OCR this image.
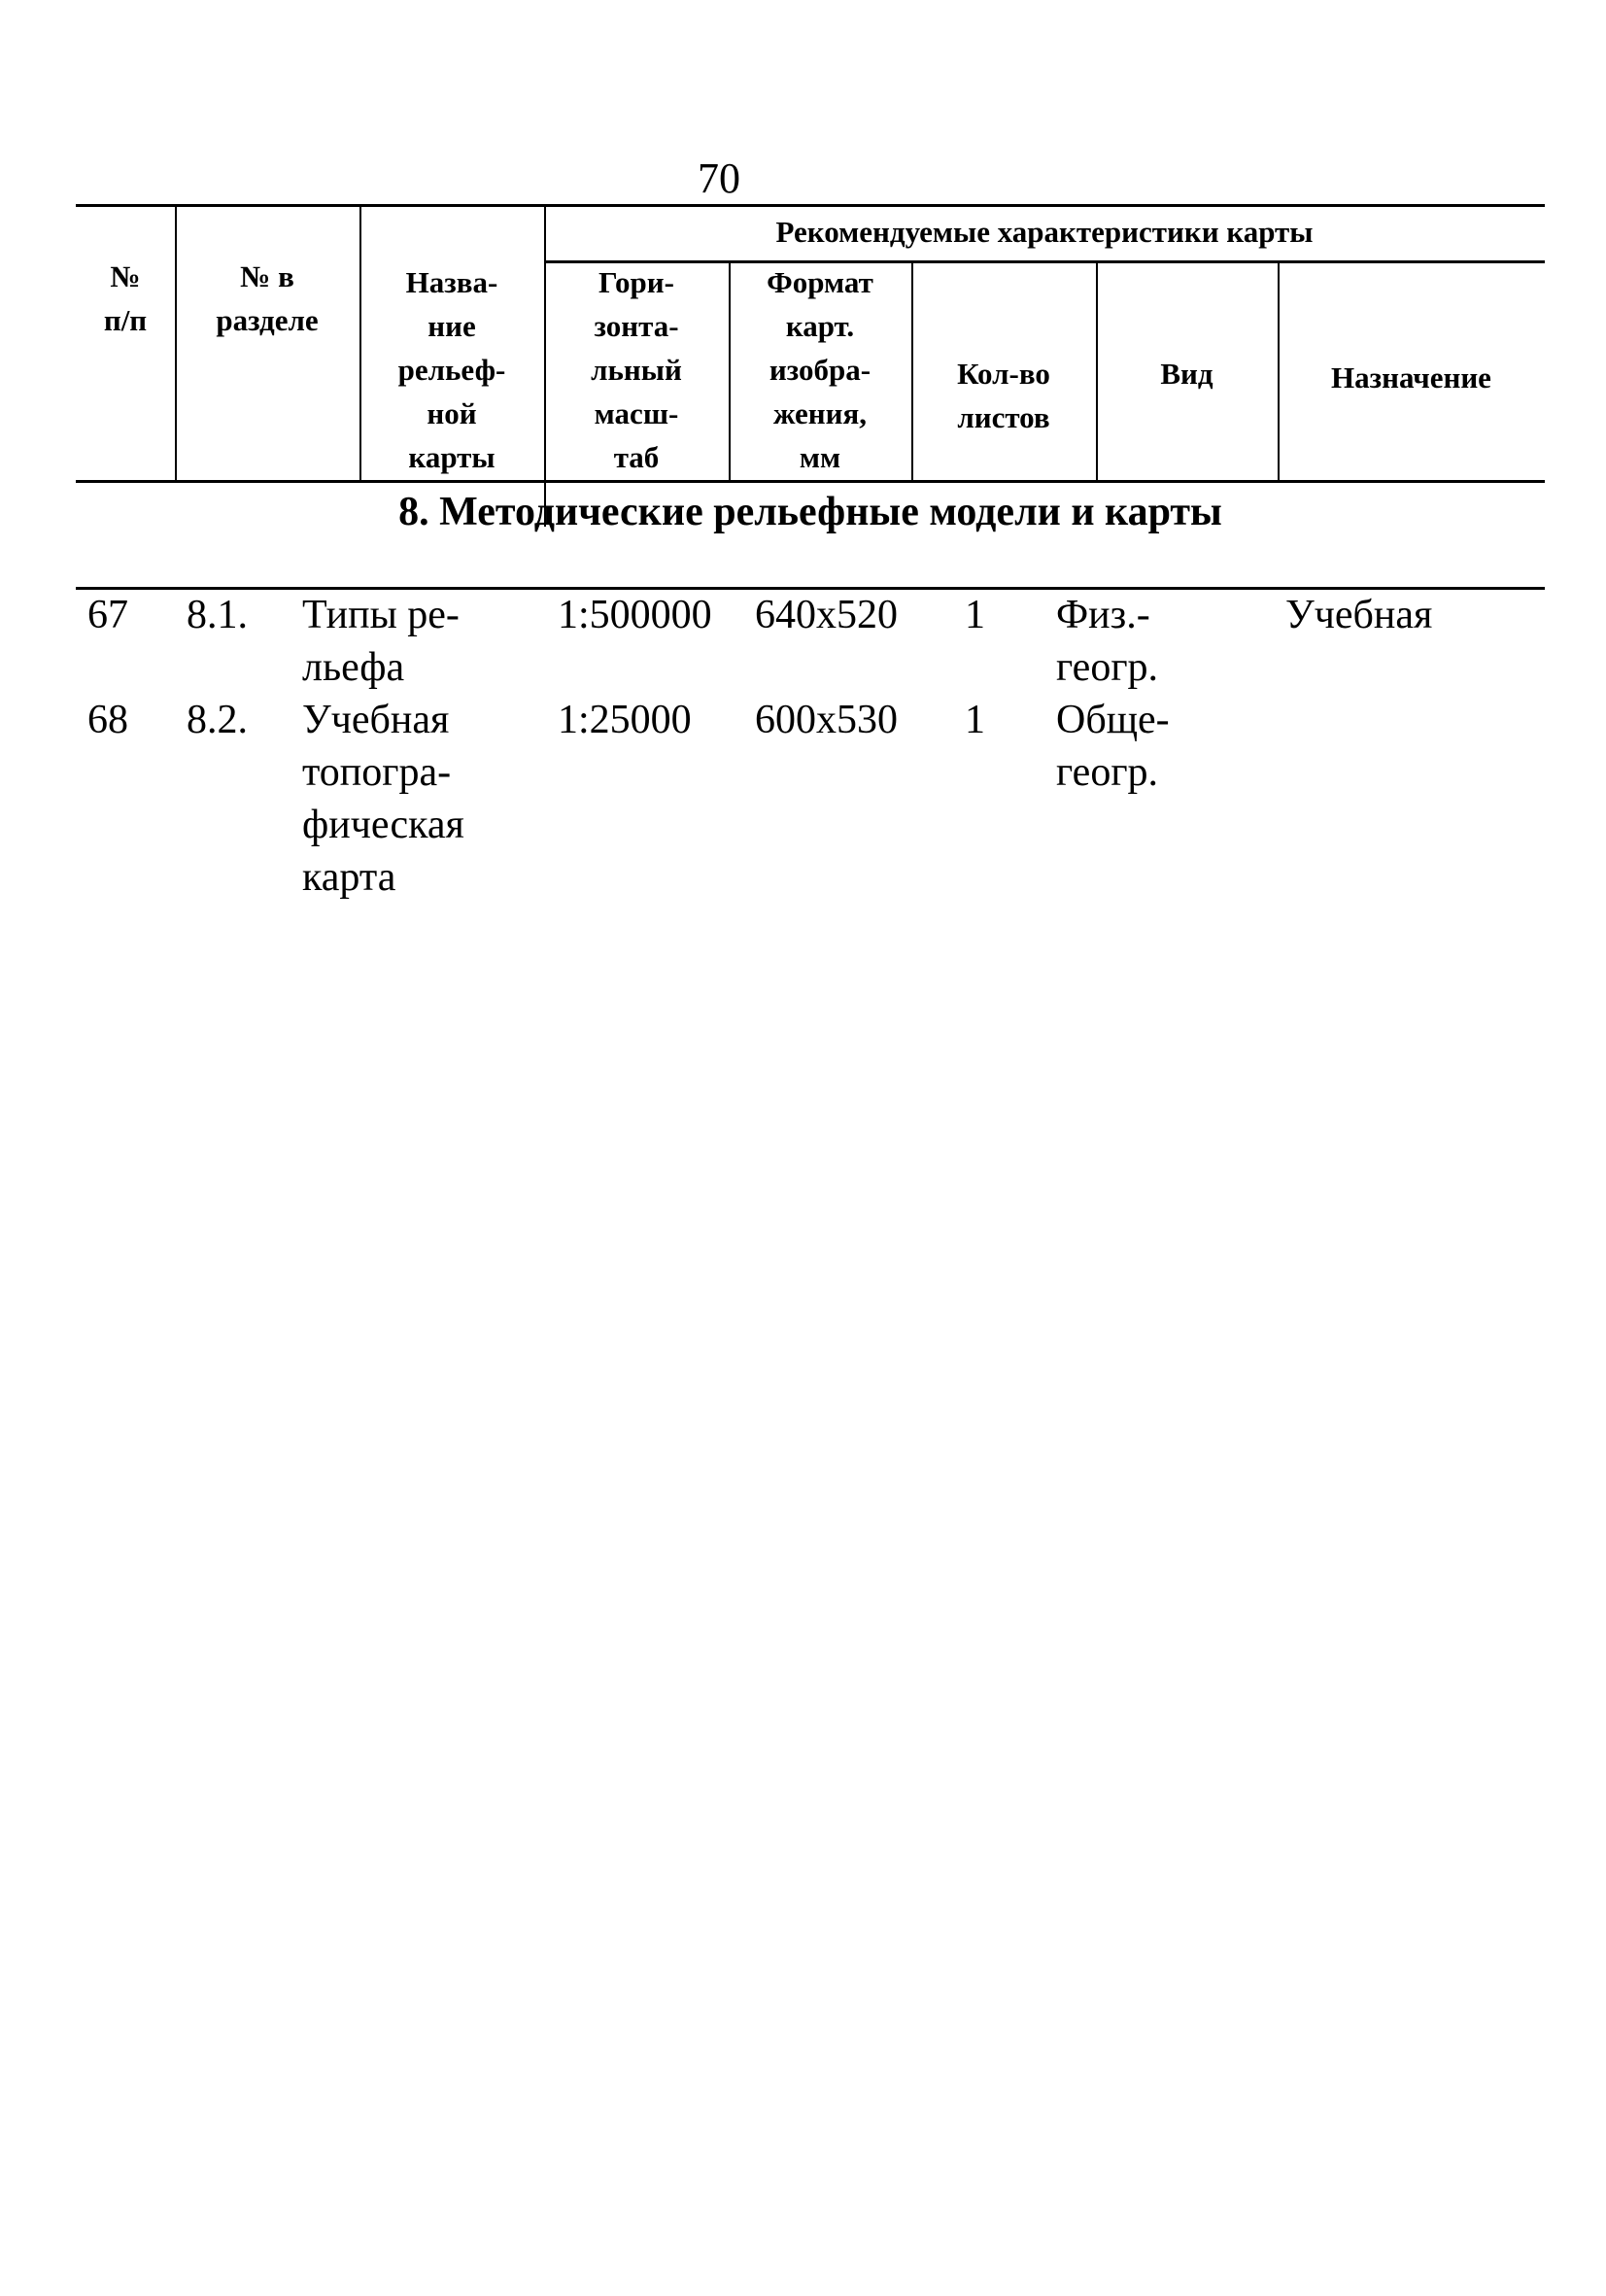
70
№
п/п
№ в
разделе
Назва-
ние
рельеф-
ной
карты
Рекомендуемые характеристики карты
Гори-
зонта-
льный
масш-
таб
Формат
карт.
изобра-
жения,
мм
Кол-во
листов
Вид	Назначение
8. Методические рельефные модели и карты
67 8.1. Типы ре-
льефа
1:500000 640x520 1 Физ.-
геогр.
Учебная
68 8.2. Учебная
топогра-
фическая
карта
1:25000 600x530 1 Обще-
геогр.
